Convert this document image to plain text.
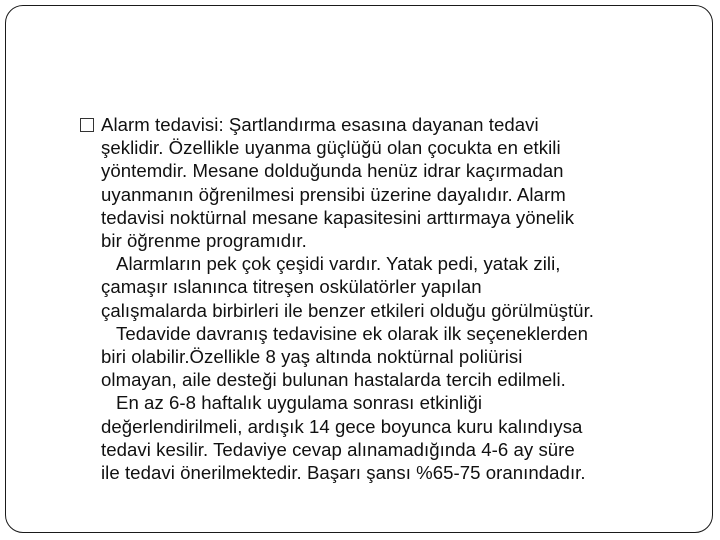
Alarm tedavisi: Şartlandırma esasına dayanan tedavi
şeklidir. Özellikle uyanma güçlüğü olan çocukta en etkili
yöntemdir. Mesane dolduğunda henüz idrar kaçırmadan
uyanmanın öğrenilmesi prensibi üzerine dayalıdır. Alarm
tedavisi noktürnal mesane kapasitesini arttırmaya yönelik
bir öğrenme programıdır.

Alarmların pek çok çeşidi vardır. Yatak pedi, yatak zili,
çamaşır ıslanınca titreşen oskülatörler yapılan
çalışmalarda birbirleri ile benzer etkileri olduğu görülmüştür.

Tedavide davranış tedavisine ek olarak ilk seçeneklerden
biri olabilir.Özellikle 8 yaş altında noktürnal poliürisi
olmayan, aile desteği bulunan hastalarda tercih edilmeli.

En az 6-8 haftalık uygulama sonrası etkinliği
değerlendirilmeli, ardışık 14 gece boyunca kuru kalındıysa
tedavi kesilir. Tedaviye cevap alınamadığında 4-6 ay süre
ile tedavi önerilmektedir. Başarı şansı %65-75 oranındadır.
